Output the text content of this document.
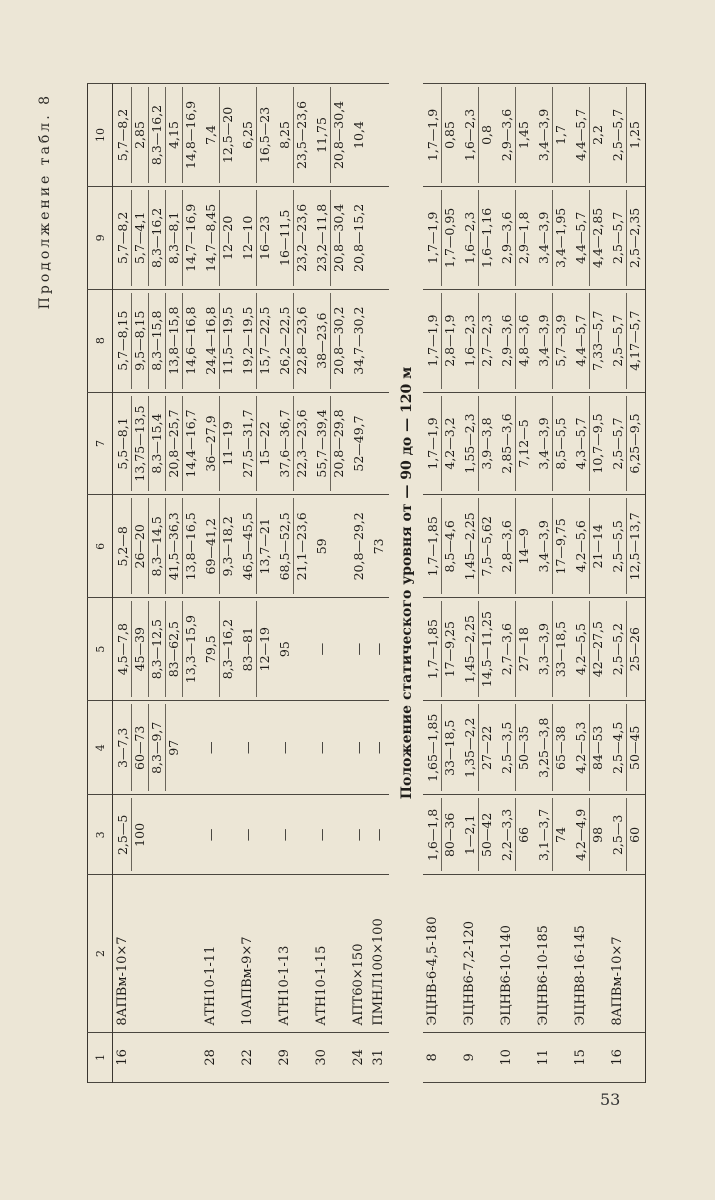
Продолжение табл. 8
1	2	3	4	5	6	7	8	9	10
16	8АПВм-10×7	2,5—5 100	3—7,3 60—73 8,3—9,7 97	4,5—7,8 45—39 8,3—12,5 83—62,5 13,3—15,9	5,2—8 26—20 8,3—14,5 41,5—36,3 13,8—16,5	5,5—8,1 13,75—13,5 8,3—15,4 20,8—25,7 14,4—16,7	5,7—8,15 9,5—8,15 8,3—15,8 13,8—15,8 14,6—16,8	5,7—8,2 5,7—4,1 8,3—16,2 8,3—8,1 14,7—16,9	5,7—8,2 2,85 8,3—16,2 4,15 14,8—16,9

28	АТН10-1-11	—	—	79,5 8,3—16,2	69—41,2 9,3—18,2	36—27,9 11—19	24,4—16,8 11,5—19,5	14,7—8,45 12—20	7,4 12,5—20

22	10АПВм-9×7	—	—	83—81 12—19	46,5—45,5 13,7—21	27,5—31,7 15—22	19,2—19,5 15,7—22,5	12—10 16—23	6,25 16,5—23

29	АТН10-1-13	—	—	95	68,5—52,5 21,1—23,6	37,6—36,7 22,3—23,6	26,2—22,5 22,8—23,6	16—11,5 23,2—23,6	8,25 23,5—23,6

30	АТН10-1-15	—	—	—	59	55,7—39,4 20,8—29,8	38—23,6 20,8—30,2	23,2—11,8 20,8—30,4	11,75 20,8—30,4

24	АПТ60×150	—	—	—	20,8—29,2	52—49,7	34,7—30,2	20,8—15,2	10,4

31	ПМНЛ100×100	—	—	—	73				

Положение статического уровня от — 90 до — 120 м									
8	ЭЦНВ-6-4,5-180	1,6—1,8 80—36	1,65—1,85 33—18,5	1,7—1,85 17—9,25	1,7—1,85 8,5—4,6	1,7—1,9 4,2—3,2	1,7—1,9 2,8—1,9	1,7—1,9 1,7—0,95	1,7—1,9 0,85

9	ЭЦНВ6-7,2-120	1—2,1 50—42	1,35—2,2 27—22	1,45—2,25 14,5—11,25	1,45—2,25 7,5—5,62	1,55—2,3 3,9—3,8	1,6—2,3 2,7—2,3	1,6—2,3 1,6—1,16	1,6—2,3 0,8

10	ЭЦНВ6-10-140	2,2—3,3 66	2,5—3,5 50—35	2,7—3,6 27—18	2,8—3,6 14—9	2,85—3,6 7,12—5	2,9—3,6 4,8—3,6	2,9—3,6 2,9—1,8	2,9—3,6 1,45

11	ЭЦНВ6-10-185	3,1—3,7 74	3,25—3,8 65—38	3,3—3,9 33—18,5	3,4—3,9 17—9,75	3,4—3,9 8,5—5,5	3,4—3,9 5,7—3,9	3,4—3,9 3,4—1,95	3,4—3,9 1,7

15	ЭЦНВ8-16-145	4,2—4,9 98	4,2—5,3 84—53	4,2—5,5 42—27,5	4,2—5,6 21—14	4,3—5,7 10,7—9,5	4,4—5,7 7,33—5,7	4,4—5,7 4,4—2,85	4,4—5,7 2,2

16	8АПВм-10×7	2,5—3 60	2,5—4,5 50—45	2,5—5,2 25—26	2,5—5,5 12,5—13,7	2,5—5,7 6,25—9,5	2,5—5,7 4,17—5,7	2,5—5,7 2,5—2,35	2,5—5,7 1,25
53
